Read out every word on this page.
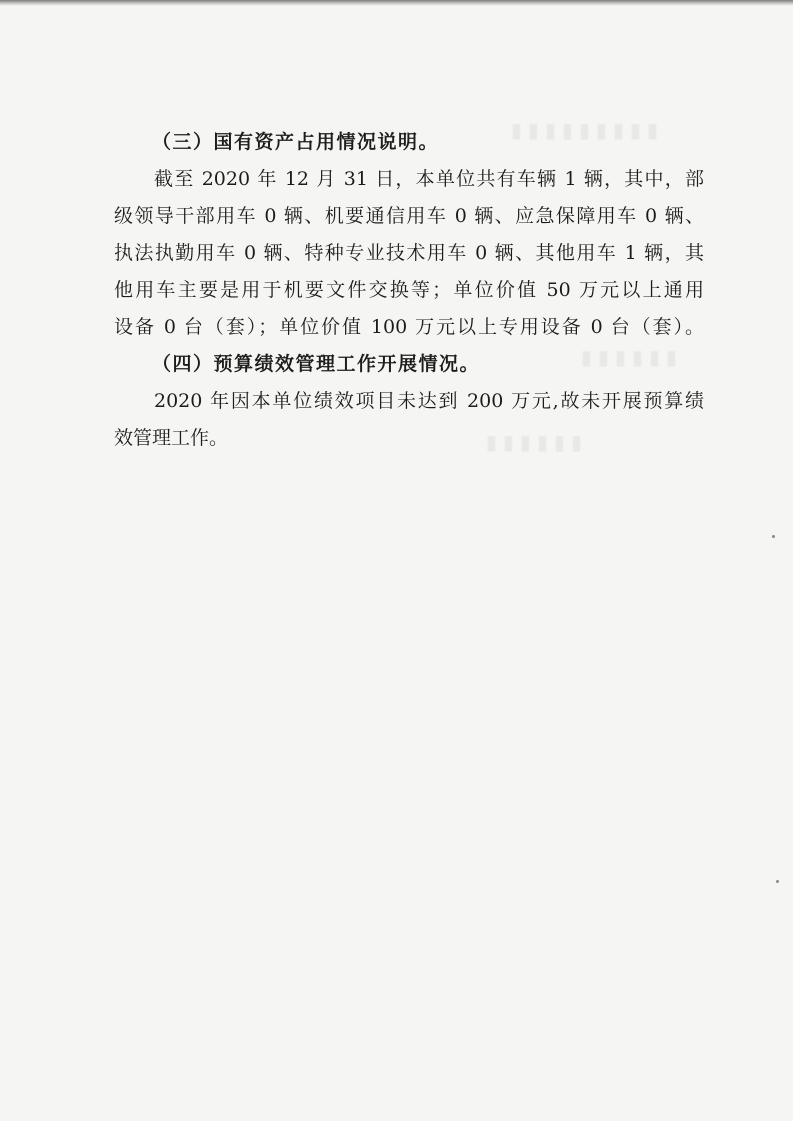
▮▮▮▮▮▮▮▮▮
▮▮▮▮▮▮
▮▮▮▮▮▮
（三）国有资产占用情况说明。
截至 2020 年 12 月 31 日，本单位共有车辆 1 辆，其中，部
级领导干部用车 0 辆、机要通信用车 0 辆、应急保障用车 0 辆、
执法执勤用车 0 辆、特种专业技术用车 0 辆、其他用车 1 辆，其
他用车主要是用于机要文件交换等；单位价值 50 万元以上通用
设备 0 台（套）；单位价值 100 万元以上专用设备 0 台（套）。
（四）预算绩效管理工作开展情况。
2020 年因本单位绩效项目未达到 200 万元,故未开展预算绩
效管理工作。
